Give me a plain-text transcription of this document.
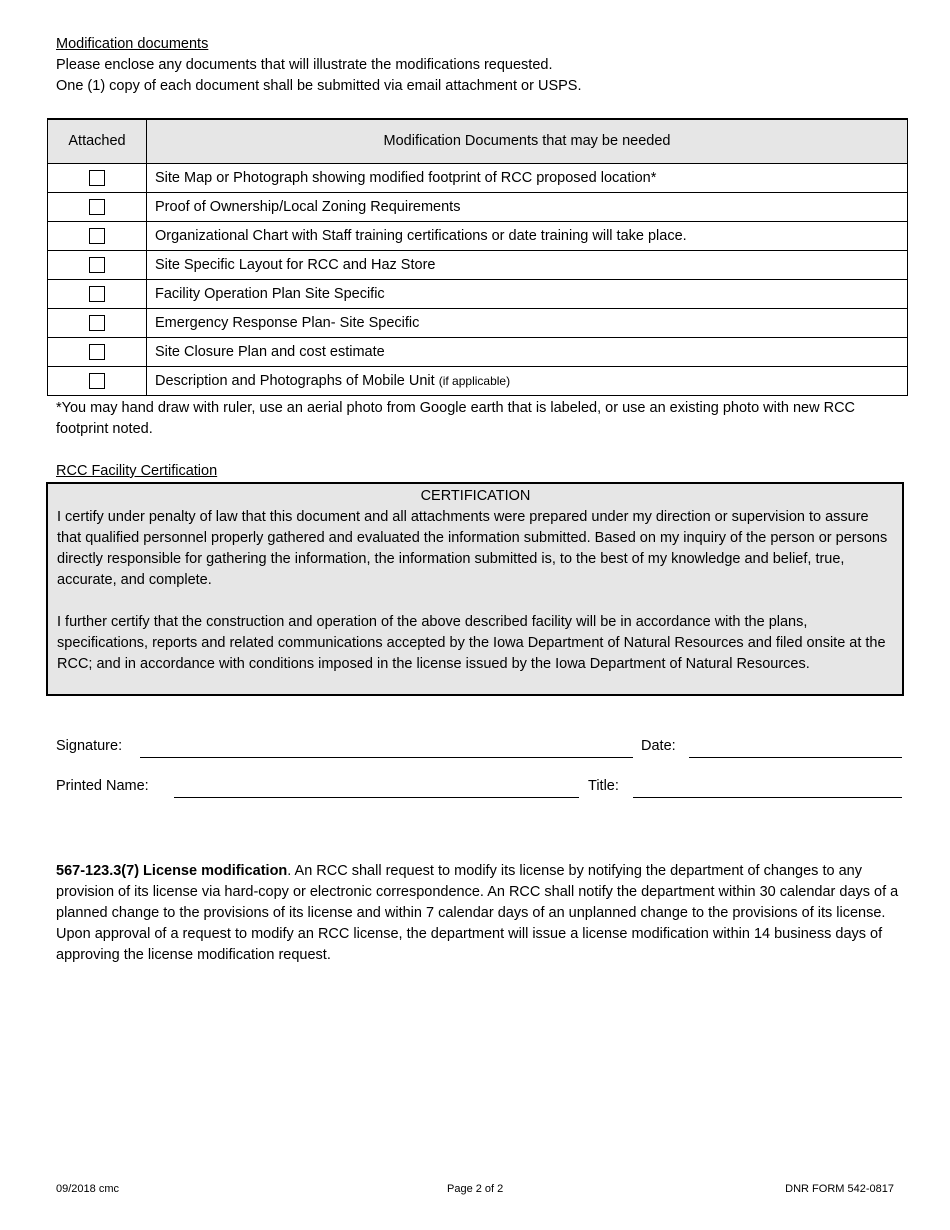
Modification documents
Please enclose any documents that will illustrate the modifications requested.
One (1) copy of each document shall be submitted via email attachment or USPS.
Attached	Modification Documents that may be needed
	Site Map or Photograph showing modified footprint of RCC proposed location*
	Proof of Ownership/Local Zoning Requirements
	Organizational Chart with Staff training certifications or date training will take place.
	Site Specific Layout for RCC and Haz Store
	Facility Operation Plan Site Specific
	Emergency Response Plan- Site Specific
	Site Closure Plan and cost estimate
	Description and Photographs of Mobile Unit (if applicable)
*You may hand draw with ruler, use an aerial photo from Google earth that is labeled, or use an existing photo with new RCC footprint noted.
RCC Facility Certification
CERTIFICATION

I certify under penalty of law that this document and all attachments were prepared under my direction or supervision to assure that qualified personnel properly gathered and evaluated the information submitted. Based on my inquiry of the person or persons directly responsible for gathering the information, the information submitted is, to the best of my knowledge and belief, true, accurate, and complete.

I further certify that the construction and operation of the above described facility will be in accordance with the plans, specifications, reports and related communications accepted by the Iowa Department of Natural Resources and filed onsite at the RCC; and in accordance with conditions imposed in the license issued by the Iowa Department of Natural Resources.

Signature:	Date:
Printed Name:	Title:
567-123.3(7) License modification. An RCC shall request to modify its license by notifying the department of changes to any provision of its license via hard-copy or electronic correspondence. An RCC shall notify the department within 30 calendar days of a planned change to the provisions of its license and within 7 calendar days of an unplanned change to the provisions of its license. Upon approval of a request to modify an RCC license, the department will issue a license modification within 14 business days of approving the license modification request.
09/2018 cmc	Page 2 of 2	DNR FORM 542-0817
